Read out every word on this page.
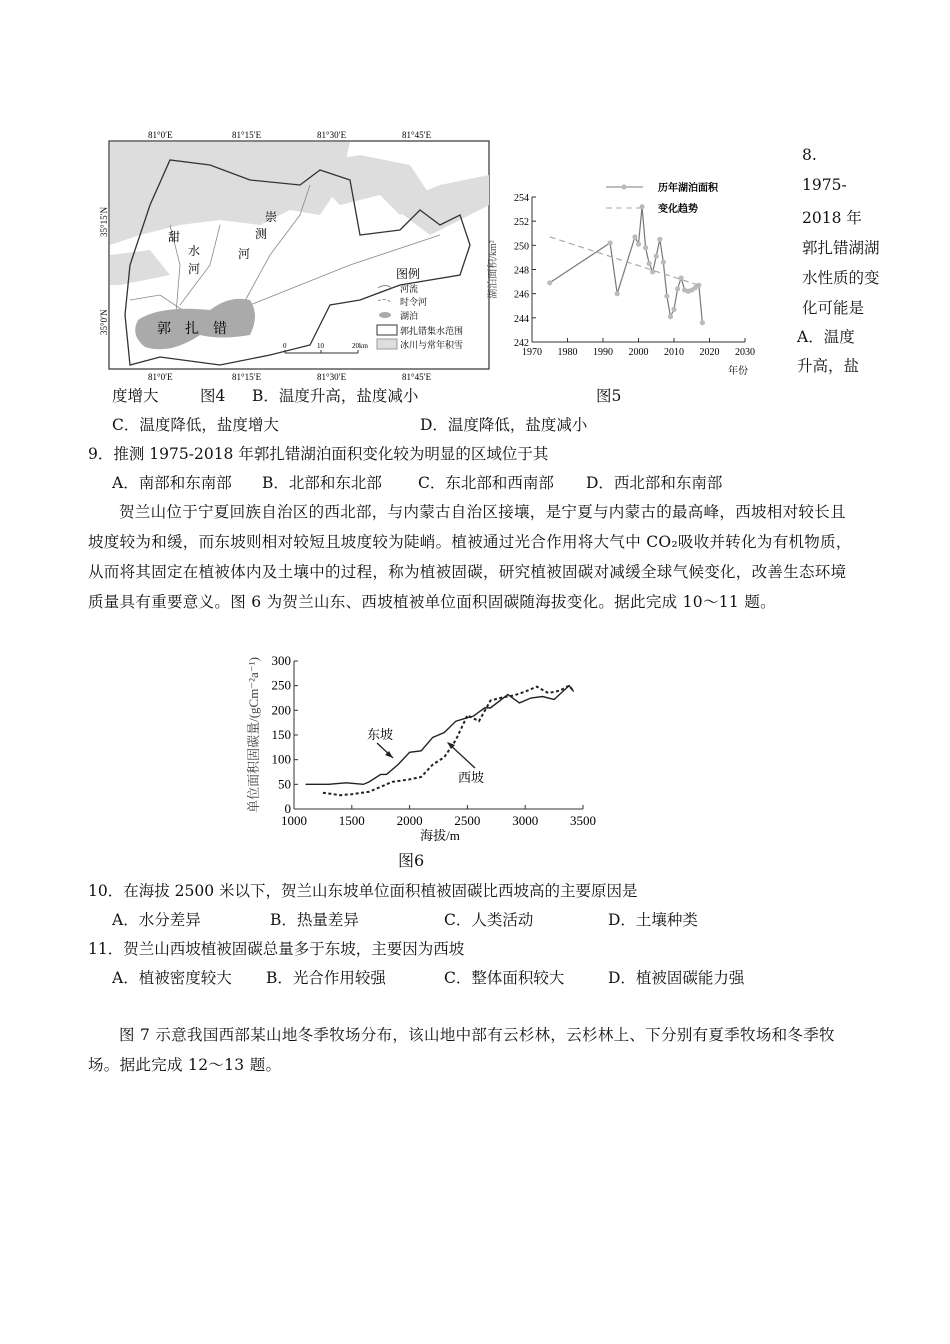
甜
水
河
崇
测
河
郭 扎 错
81°0′E	81°15′E	81°30′E	81°45′E
81°0′E	81°15′E	81°30′E	81°45′E
35°15′N
35°0′N
图例
河流
时令河
湖泊
郭扎错集水范围
冰川与常年积雪
0	10	20km
1970 1980 1990 2000 2010 2020 2030
242
244
246
248
250
252
254
年份
湖泊面积/km²
历年湖泊面积
变化趋势
1000 1500 2000 2500 3000 3500
0
50
100
150
200
250
300
海拔/m
单位面积固碳量/(gCm⁻²a⁻¹)	东坡
西坡
8.
1975-
2018 年
郭扎错湖湖
水性质的变
化可能是
A．温度
升高，盐
度增大	图4 B．温度升高，盐度减小	图5
C．温度降低，盐度增大	D．温度降低，盐度减小
9．推测 1975-2018 年郭扎错湖泊面积变化较为明显的区域位于其
A．南部和东南部 B．北部和东北部 C．东北部和西南部 D．西北部和东南部
贺兰山位于宁夏回族自治区的西北部，与内蒙古自治区接壤，是宁夏与内蒙古的最高峰，西坡相对较长且坡度较为和缓，而东坡则相对较短且坡度较为陡峭。植被通过光合作用将大气中 CO₂吸收并转化为有机物质，从而将其固定在植被体内及土壤中的过程，称为植被固碳，研究植被固碳对减缓全球气候变化，改善生态环境质量具有重要意义。图 6 为贺兰山东、西坡植被单位面积固碳随海拔变化。据此完成 10～11 题。
图6
10．在海拔 2500 米以下，贺兰山东坡单位面积植被固碳比西坡高的主要原因是
A．水分差异	B．热量差异	C．人类活动	D．土壤种类
11．贺兰山西坡植被固碳总量多于东坡，主要因为西坡
A．植被密度较大 B．光合作用较强	C．整体面积较大	D．植被固碳能力强
图 7 示意我国西部某山地冬季牧场分布，该山地中部有云杉林，云杉林上、下分别有夏季牧场和冬季牧场。据此完成 12～13 题。
